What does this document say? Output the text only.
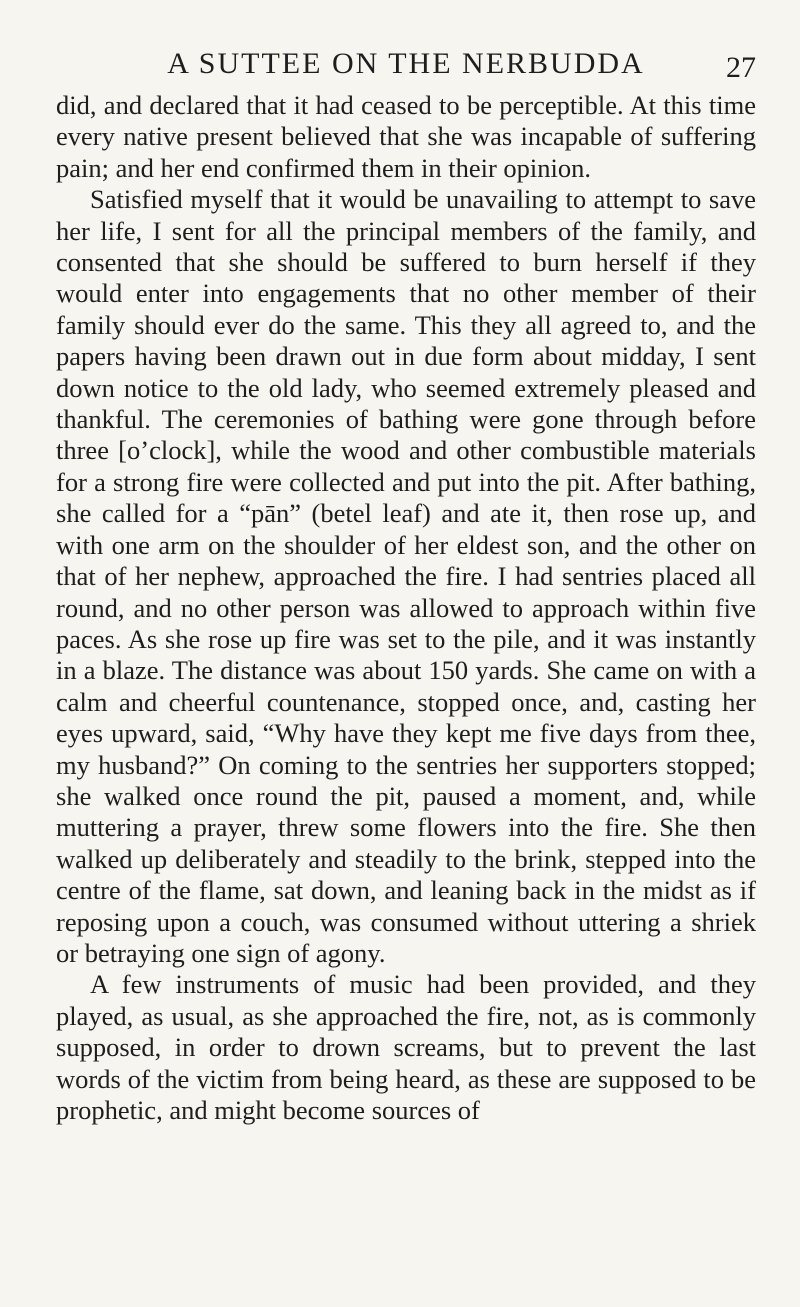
A SUTTEE ON THE NERBUDDA	27

did, and declared that it had ceased to be perceptible. At this time every native present believed that she was incapable of suffering pain; and her end confirmed them in their opinion.

Satisfied myself that it would be unavailing to attempt to save her life, I sent for all the principal members of the family, and consented that she should be suffered to burn herself if they would enter into engagements that no other member of their family should ever do the same. This they all agreed to, and the papers having been drawn out in due form about midday, I sent down notice to the old lady, who seemed extremely pleased and thankful. The ceremonies of bathing were gone through before three [o’clock], while the wood and other combustible materials for a strong fire were collected and put into the pit. After bathing, she called for a “pān” (betel leaf) and ate it, then rose up, and with one arm on the shoulder of her eldest son, and the other on that of her nephew, approached the fire. I had sentries placed all round, and no other person was allowed to approach within five paces. As she rose up fire was set to the pile, and it was instantly in a blaze. The distance was about 150 yards. She came on with a calm and cheerful countenance, stopped once, and, casting her eyes upward, said, “Why have they kept me five days from thee, my husband?” On coming to the sentries her supporters stopped; she walked once round the pit, paused a moment, and, while muttering a prayer, threw some flowers into the fire. She then walked up deliberately and steadily to the brink, stepped into the centre of the flame, sat down, and leaning back in the midst as if reposing upon a couch, was consumed without uttering a shriek or betraying one sign of agony.

A few instruments of music had been provided, and they played, as usual, as she approached the fire, not, as is commonly supposed, in order to drown screams, but to prevent the last words of the victim from being heard, as these are supposed to be prophetic, and might become sources of
